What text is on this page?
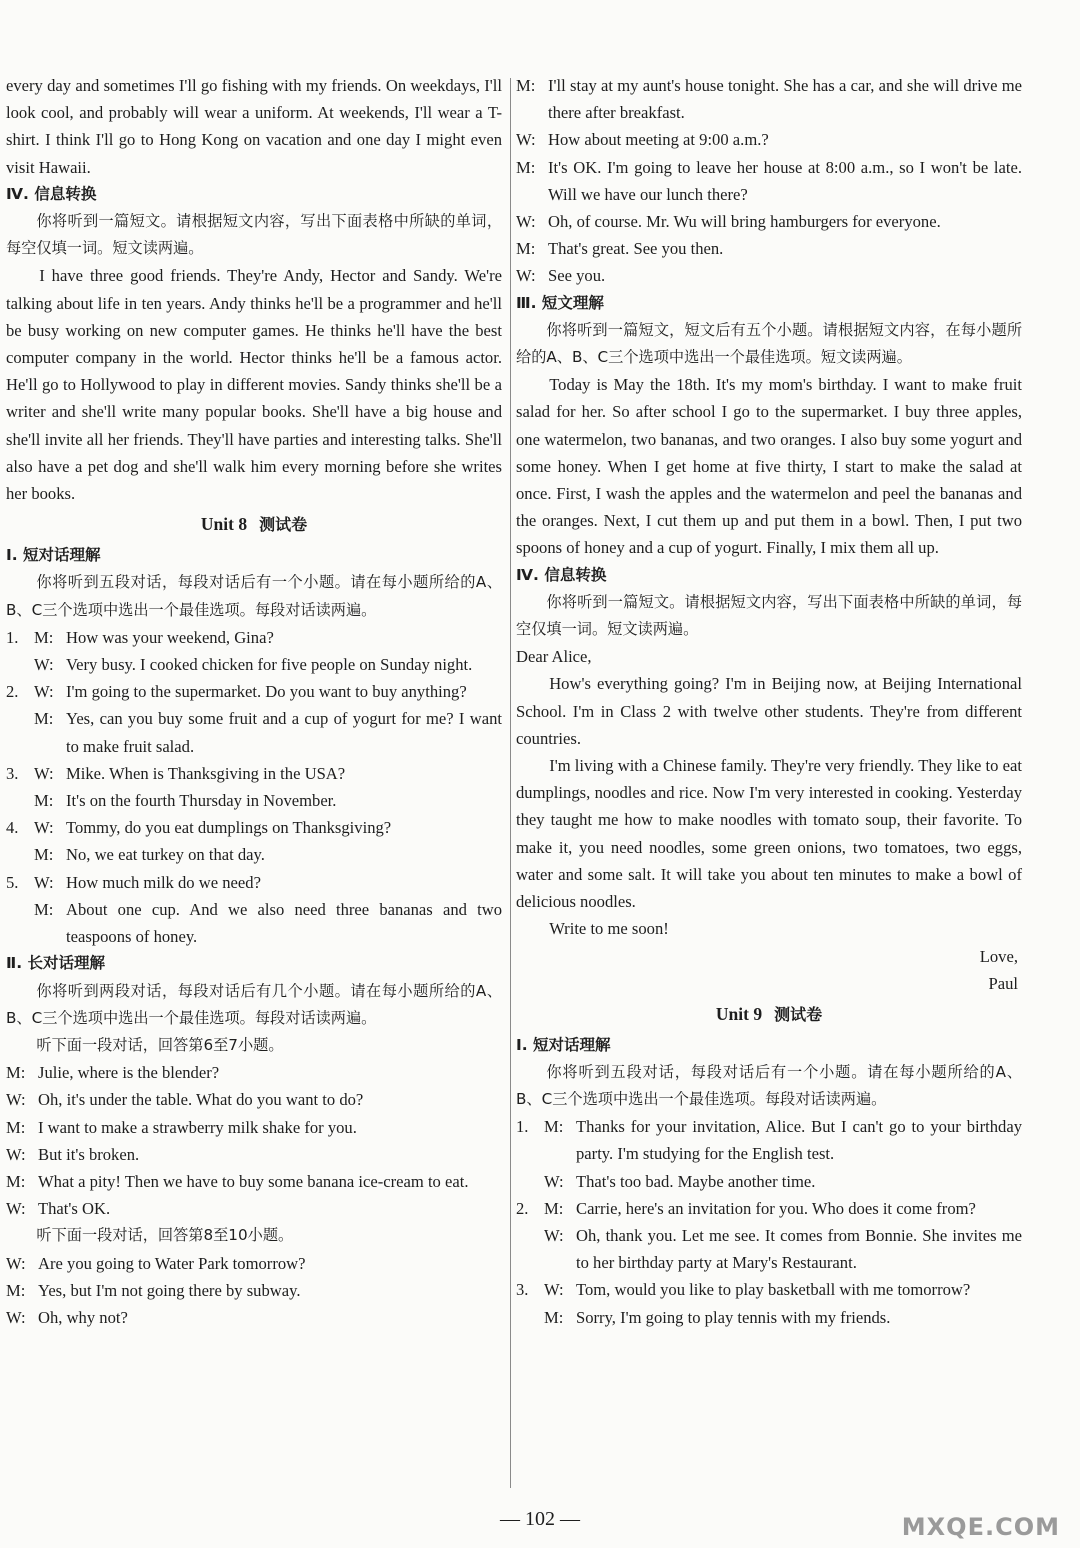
every day and sometimes I'll go fishing with my friends. On weekdays, I'll look cool, and probably will wear a uniform. At weekends, I'll wear a T-shirt. I think I'll go to Hong Kong on vacation and one day I might even visit Hawaii.

Ⅳ. 信息转换

你将听到一篇短文。请根据短文内容，写出下面表格中所缺的单词，每空仅填一词。短文读两遍。

I have three good friends. They're Andy, Hector and Sandy. We're talking about life in ten years. Andy thinks he'll be a programmer and he'll be busy working on new computer games. He thinks he'll have the best computer company in the world. Hector thinks he'll be a famous actor. He'll go to Hollywood to play in different movies. Sandy thinks she'll be a writer and she'll write many popular books. She'll have a big house and she'll invite all her friends. They'll have parties and interesting talks. She'll also have a pet dog and she'll walk him every morning before she writes her books.

Unit 8 测试卷

Ⅰ. 短对话理解

你将听到五段对话，每段对话后有一个小题。请在每小题所给的A、B、C三个选项中选出一个最佳选项。每段对话读两遍。

1. M: How was your weekend, Gina?
W: Very busy. I cooked chicken for five people on Sunday night.
2. W: I'm going to the supermarket. Do you want to buy anything?
M: Yes, can you buy some fruit and a cup of yogurt for me? I want to make fruit salad.
3. W: Mike. When is Thanksgiving in the USA?
M: It's on the fourth Thursday in November.
4. W: Tommy, do you eat dumplings on Thanksgiving?
M: No, we eat turkey on that day.
5. W: How much milk do we need?
M: About one cup. And we also need three bananas and two teaspoons of honey.

Ⅱ. 长对话理解

你将听到两段对话，每段对话后有几个小题。请在每小题所给的A、B、C三个选项中选出一个最佳选项。每段对话读两遍。

听下面一段对话，回答第6至7小题。

M: Julie, where is the blender?
W: Oh, it's under the table. What do you want to do?
M: I want to make a strawberry milk shake for you.
W: But it's broken.
M: What a pity! Then we have to buy some banana ice-cream to eat.
W: That's OK.

听下面一段对话，回答第8至10小题。

W: Are you going to Water Park tomorrow?
M: Yes, but I'm not going there by subway.
W: Oh, why not?
M: I'll stay at my aunt's house tonight. She has a car, and she will drive me there after breakfast.
W: How about meeting at 9:00 a.m.?
M: It's OK. I'm going to leave her house at 8:00 a.m., so I won't be late. Will we have our lunch there?
W: Oh, of course. Mr. Wu will bring hamburgers for everyone.
M: That's great. See you then.
W: See you.

Ⅲ. 短文理解

你将听到一篇短文，短文后有五个小题。请根据短文内容，在每小题所给的A、B、C三个选项中选出一个最佳选项。短文读两遍。

Today is May the 18th. It's my mom's birthday. I want to make fruit salad for her. So after school I go to the supermarket. I buy three apples, one watermelon, two bananas, and two oranges. I also buy some yogurt and some honey. When I get home at five thirty, I start to make the salad at once. First, I wash the apples and the watermelon and peel the bananas and the oranges. Next, I cut them up and put them in a bowl. Then, I put two spoons of honey and a cup of yogurt. Finally, I mix them all up.

Ⅳ. 信息转换

你将听到一篇短文。请根据短文内容，写出下面表格中所缺的单词，每空仅填一词。短文读两遍。

Dear Alice,

How's everything going? I'm in Beijing now, at Beijing International School. I'm in Class 2 with twelve other students. They're from different countries.

I'm living with a Chinese family. They're very friendly. They like to eat dumplings, noodles and rice. Now I'm very interested in cooking. Yesterday they taught me how to make noodles with tomato soup, their favorite. To make it, you need noodles, some green onions, two tomatoes, two eggs, water and some salt. It will take you about ten minutes to make a bowl of delicious noodles.

Write to me soon!

Love,
Paul
Unit 9 测试卷

Ⅰ. 短对话理解

你将听到五段对话，每段对话后有一个小题。请在每小题所给的A、B、C三个选项中选出一个最佳选项。每段对话读两遍。

1. M: Thanks for your invitation, Alice. But I can't go to your birthday party. I'm studying for the English test.
W: That's too bad. Maybe another time.
2. M: Carrie, here's an invitation for you. Who does it come from?
W: Oh, thank you. Let me see. It comes from Bonnie. She invites me to her birthday party at Mary's Restaurant.
3. W: Tom, would you like to play basketball with me tomorrow?
M: Sorry, I'm going to play tennis with my friends.
— 102 —	MXQE.COM
